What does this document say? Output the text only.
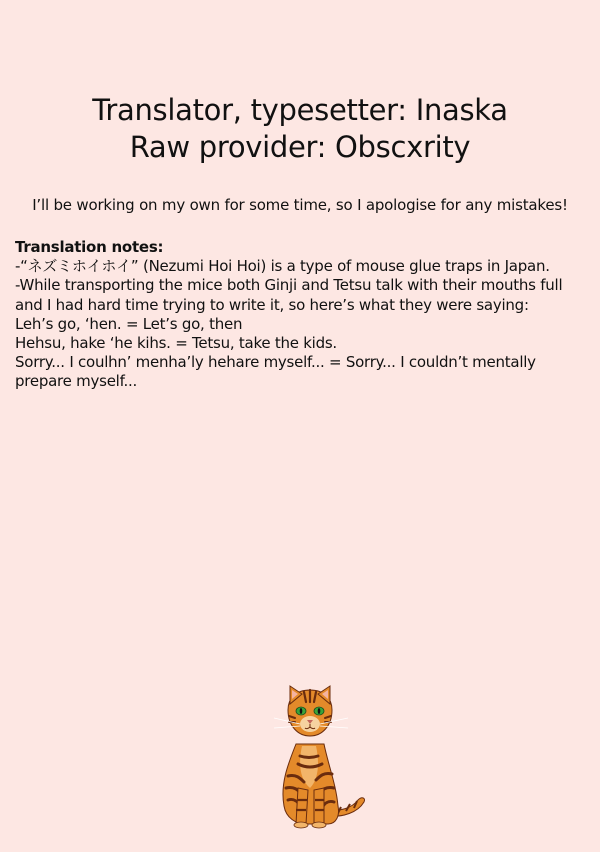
Translator, typesetter: Inaska
Raw provider: Obscxrity
I’ll be working on my own for some time, so I apologise for any mistakes!
Translation notes:

-“ネズミホイホイ” (Nezumi Hoi Hoi) is a type of mouse glue traps in Japan.

-While transporting the mice both Ginji and Tetsu talk with their mouths full and I had hard time trying to write it, so here’s what they were saying:

Leh’s go, ‘hen. = Let’s go, then

Hehsu, hake ‘he kihs. = Tetsu, take the kids.

Sorry... I coulhn’ menha’ly hehare myself... = Sorry... I couldn’t mentally prepare myself...
